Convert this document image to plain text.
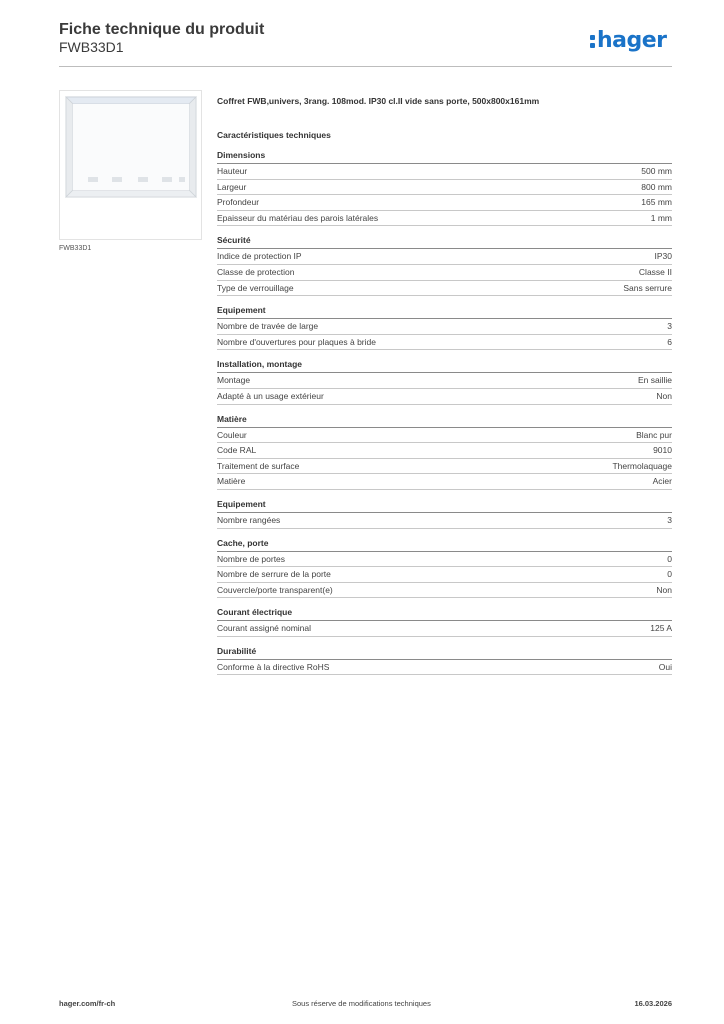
Fiche technique du produit
FWB33D1	hager
FWB33D1
Coffret FWB,univers, 3rang. 108mod. IP30 cl.II vide sans porte, 500x800x161mm
Caractéristiques techniques
Dimensions
Hauteur	500 mm
Largeur	800 mm
Profondeur	165 mm
Epaisseur du matériau des parois latérales	1 mm
Sécurité
Indice de protection IP	IP30
Classe de protection	Classe II
Type de verrouillage	Sans serrure
Equipement
Nombre de travée de large	3
Nombre d'ouvertures pour plaques à bride	6
Installation, montage
Montage	En saillie
Adapté à un usage extérieur	Non
Matière
Couleur	Blanc pur
Code RAL	9010
Traitement de surface	Thermolaquage
Matière	Acier
Equipement
Nombre rangées	3
Cache, porte
Nombre de portes	0
Nombre de serrure de la porte	0
Couvercle/porte transparent(e)	Non
Courant électrique
Courant assigné nominal	125 A
Durabilité
Conforme à la directive RoHS	Oui
hager.com/fr-ch	Sous réserve de modifications techniques	16.03.2026
